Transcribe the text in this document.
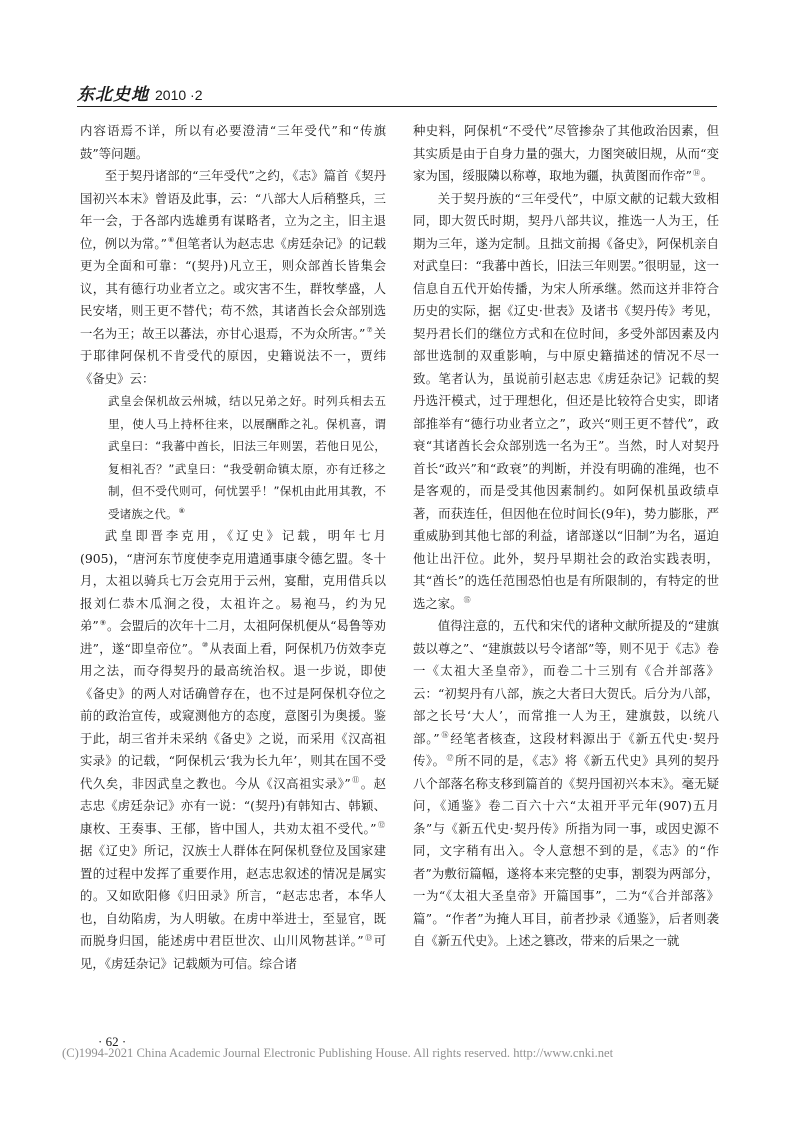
东北史地 2010 ·2

内容语焉不详，所以有必要澄清“三年受代”和“传旗鼓”等问题。

至于契丹诸部的“三年受代”之约，《志》篇首《契丹国初兴本末》曾语及此事，云：“八部大人后稍整兵，三年一会，于各部内选雄勇有谋略者，立为之主，旧主退位，例以为常。”⑥但笔者认为赵志忠《虏廷杂记》的记载更为全面和可靠：“(契丹)凡立王，则众部酋长皆集会议，其有德行功业者立之。或灾害不生，群牧孳盛，人民安堵，则王更不替代；苟不然，其诸酋长会众部别选一名为王；故王以蕃法，亦甘心退焉，不为众所害。”⑦关于耶律阿保机不肯受代的原因，史籍说法不一，贾纬《备史》云：

武皇会保机故云州城，结以兄弟之好。时列兵相去五里，使人马上持杯往来，以展酬酢之礼。保机喜，谓武皇曰：“我蕃中酋长，旧法三年则罢，若他日见公，复相礼否？”武皇曰：“我受朝命镇太原，亦有迁移之制，但不受代则可，何忧罢乎！”保机由此用其教，不受诸族之代。⑧

武皇即晋李克用，《辽史》记载，明年七月(905)，“唐河东节度使李克用遣通事康令德乞盟。冬十月，太祖以骑兵七万会克用于云州，宴酣，克用借兵以报刘仁恭木瓜涧之役，太祖许之。易袍马，约为兄弟”⑨。会盟后的次年十二月，太祖阿保机便从“曷鲁等劝进”，遂“即皇帝位”。⑩从表面上看，阿保机乃仿效李克用之法，而夺得契丹的最高统治权。退一步说，即使《备史》的两人对话确曾存在，也不过是阿保机夺位之前的政治宣传，或窥测他方的态度，意图引为奥援。鉴于此，胡三省并未采纳《备史》之说，而采用《汉高祖实录》的记载，“阿保机云‘我为长九年’，则其在国不受代久矣，非因武皇之教也。今从《汉高祖实录》”⑪。赵志忠《虏廷杂记》亦有一说：“(契丹)有韩知古、韩颖、康枚、王奏事、王郁，皆中国人，共劝太祖不受代。”⑫据《辽史》所记，汉族士人群体在阿保机登位及国家建置的过程中发挥了重要作用，赵志忠叙述的情况是属实的。又如欧阳修《归田录》所言，“赵志忠者，本华人也，自幼陷虏，为人明敏。在虏中举进士，至显官，既而脱身归国，能述虏中君臣世次、山川风物甚详。”⑬可见，《虏廷杂记》记载颇为可信。综合诸

种史料，阿保机“不受代”尽管掺杂了其他政治因素，但其实质是由于自身力量的强大，力图突破旧规，从而“变家为国，绥服隣以称尊，取地为疆，执黄图而作帝”⑭。

关于契丹族的“三年受代”，中原文献的记载大致相同，即大贺氏时期，契丹八部共议，推选一人为王，任期为三年，遂为定制。且拙文前揭《备史》，阿保机亲自对武皇曰：“我蕃中酋长，旧法三年则罢。”很明显，这一信息自五代开始传播，为宋人所承继。然而这并非符合历史的实际，据《辽史·世表》及诸书《契丹传》考见，契丹君长们的继位方式和在位时间，多受外部因素及内部世选制的双重影响，与中原史籍描述的情况不尽一致。笔者认为，虽说前引赵志忠《虏廷杂记》记载的契丹选汗模式，过于理想化，但还是比较符合史实，即诸部推举有“德行功业者立之”，政兴“则王更不替代”，政衰“其诸酋长会众部别选一名为王”。当然，时人对契丹首长“政兴”和“政衰”的判断，并没有明确的准绳，也不是客观的，而是受其他因素制约。如阿保机虽政绩卓著，而获连任，但因他在位时间长(9年)，势力膨胀，严重威胁到其他七部的利益，诸部遂以“旧制”为名，逼迫他让出汗位。此外，契丹早期社会的政治实践表明，其“酋长”的选任范围恐怕也是有所限制的，有特定的世选之家。⑮

值得注意的，五代和宋代的诸种文献所提及的“建旗鼓以尊之”、“建旗鼓以号令诸部”等，则不见于《志》卷一《太祖大圣皇帝》，而卷二十三别有《合并部落》云：“初契丹有八部，族之大者曰大贺氏。后分为八部，部之长号‘大人’，而常推一人为王，建旗鼓，以统八部。”⑯经笔者核查，这段材料源出于《新五代史·契丹传》。⑰所不同的是，《志》将《新五代史》具列的契丹八个部落名称支移到篇首的《契丹国初兴本末》。毫无疑问，《通鉴》卷二百六十六“太祖开平元年(907)五月条”与《新五代史·契丹传》所指为同一事，或因史源不同，文字稍有出入。令人意想不到的是，《志》的“作者”为敷衍篇幅，遂将本来完整的史事，割裂为两部分，一为“《太祖大圣皇帝》开篇国事”，二为“《合并部落》篇”。“作者”为掩人耳目，前者抄录《通鉴》，后者则袭自《新五代史》。上述之篡改，带来的后果之一就

· 62 ·
(C)1994-2021 China Academic Journal Electronic Publishing House. All rights reserved. http://www.cnki.net
